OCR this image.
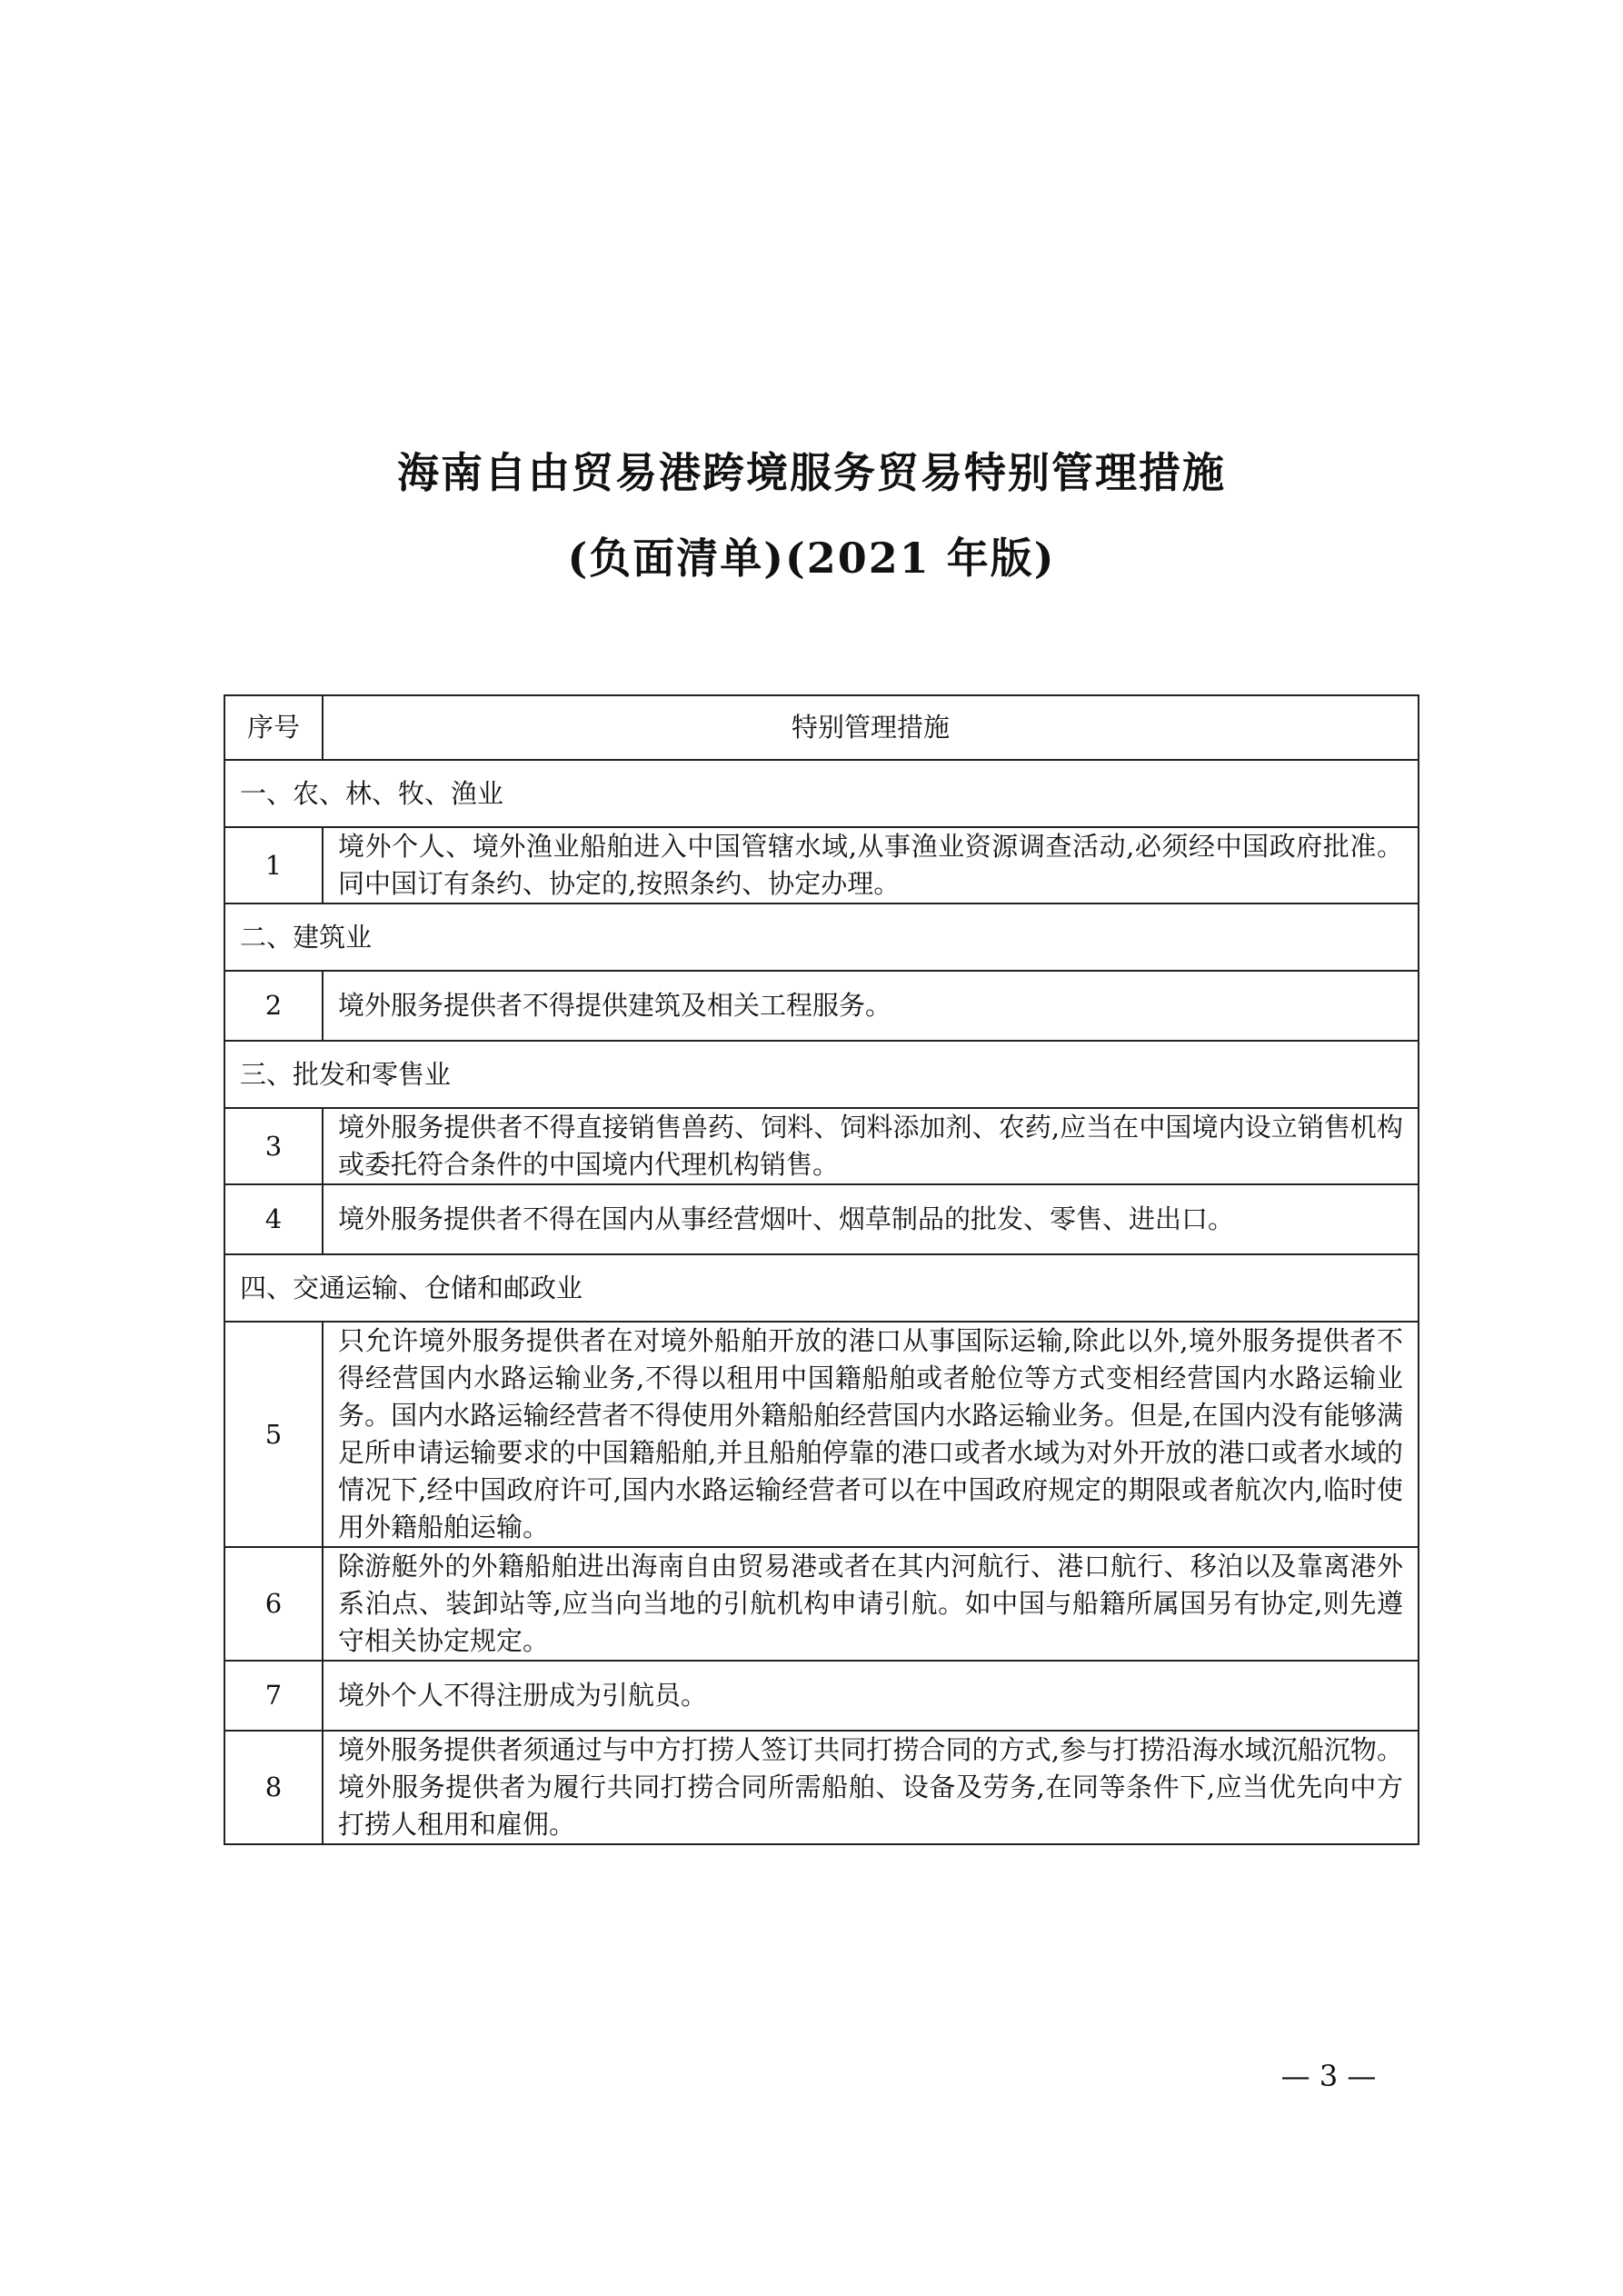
海南自由贸易港跨境服务贸易特别管理措施
(负面清单)(2021 年版)
序号	特别管理措施
一、农、林、牧、渔业	
1	境外个人、境外渔业船舶进入中国管辖水域,从事渔业资源调查活动,必须经中国政府批准。同中国订有条约、协定的,按照条约、协定办理。
二、建筑业	
2	境外服务提供者不得提供建筑及相关工程服务。
三、批发和零售业	
3	境外服务提供者不得直接销售兽药、饲料、饲料添加剂、农药,应当在中国境内设立销售机构或委托符合条件的中国境内代理机构销售。
4	境外服务提供者不得在国内从事经营烟叶、烟草制品的批发、零售、进出口。
四、交通运输、仓储和邮政业	
5	只允许境外服务提供者在对境外船舶开放的港口从事国际运输,除此以外,境外服务提供者不得经营国内水路运输业务,不得以租用中国籍船舶或者舱位等方式变相经营国内水路运输业务。国内水路运输经营者不得使用外籍船舶经营国内水路运输业务。但是,在国内没有能够满足所申请运输要求的中国籍船舶,并且船舶停靠的港口或者水域为对外开放的港口或者水域的情况下,经中国政府许可,国内水路运输经营者可以在中国政府规定的期限或者航次内,临时使用外籍船舶运输。
6	除游艇外的外籍船舶进出海南自由贸易港或者在其内河航行、港口航行、移泊以及靠离港外系泊点、装卸站等,应当向当地的引航机构申请引航。如中国与船籍所属国另有协定,则先遵守相关协定规定。
7	境外个人不得注册成为引航员。
8	境外服务提供者须通过与中方打捞人签订共同打捞合同的方式,参与打捞沿海水域沉船沉物。境外服务提供者为履行共同打捞合同所需船舶、设备及劳务,在同等条件下,应当优先向中方打捞人租用和雇佣。
— 3 —
